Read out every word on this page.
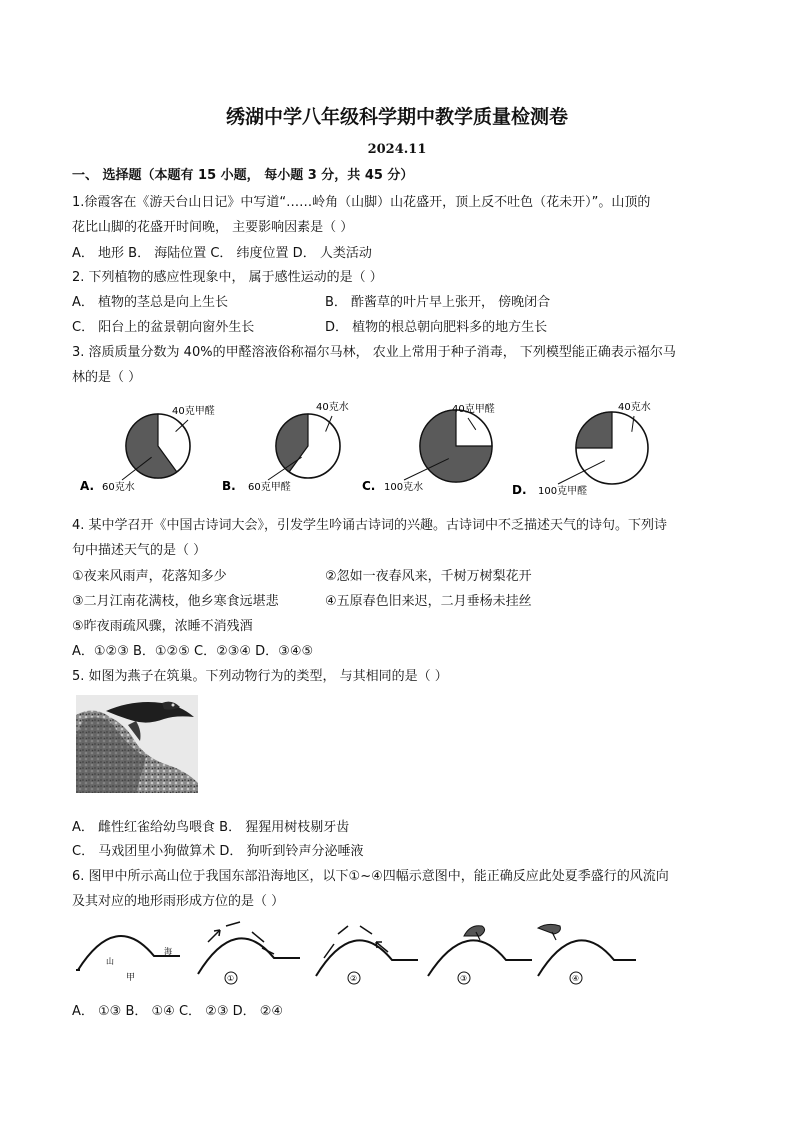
绣湖中学八年级科学期中教学质量检测卷
2024.11
一、 选择题（本题有 15 小题， 每小题 3 分，共 45 分）
1.徐霞客在《游天台山日记》中写道“……岭角（山脚）山花盛开，顶上反不吐色（花未开）”。山顶的
花比山脚的花盛开时间晚， 主要影响因素是（ ）
A． 地形 B． 海陆位置 C． 纬度位置 D． 人类活动
2. 下列植物的感应性现象中， 属于感性运动的是（ ）
A． 植物的茎总是向上生长	B． 酢酱草的叶片早上张开， 傍晚闭合
C． 阳台上的盆景朝向窗外生长	D． 植物的根总朝向肥料多的地方生长
3. 溶质质量分数为 40%的甲醛溶液俗称福尔马林， 农业上常用于种子消毒， 下列模型能正确表示福尔马
林的是（ ）
40克甲醛
60克水
A.
40克水
60克甲醛
B.
40克甲醛
100克水
C.
40克水
100克甲醛
D.
4. 某中学召开《中国古诗词大会》，引发学生吟诵古诗词的兴趣。古诗词中不乏描述天气的诗句。下列诗
句中描述天气的是（ ）
①夜来风雨声，花落知多少	②忽如一夜春风来，千树万树梨花开
③二月江南花满枝，他乡寒食远堪悲	④五原春色旧来迟，二月垂杨未挂丝
⑤昨夜雨疏风骤，浓睡不消残酒
A．①②③ B．①②⑤ C．②③④ D．③④⑤
5. 如图为燕子在筑巢。下列动物行为的类型， 与其相同的是（ ）
A． 雌性红雀给幼鸟喂食 B． 猩猩用树枝剔牙齿
C． 马戏团里小狗做算术 D． 狗听到铃声分泌唾液
6. 图甲中所示高山位于我国东部沿海地区，以下①~④四幅示意图中，能正确反应此处夏季盛行的风流向
及其对应的地形雨形成方位的是（ ）
山
海
甲	①	②	③	④
A． ①③ B． ①④ C． ②③ D． ②④
